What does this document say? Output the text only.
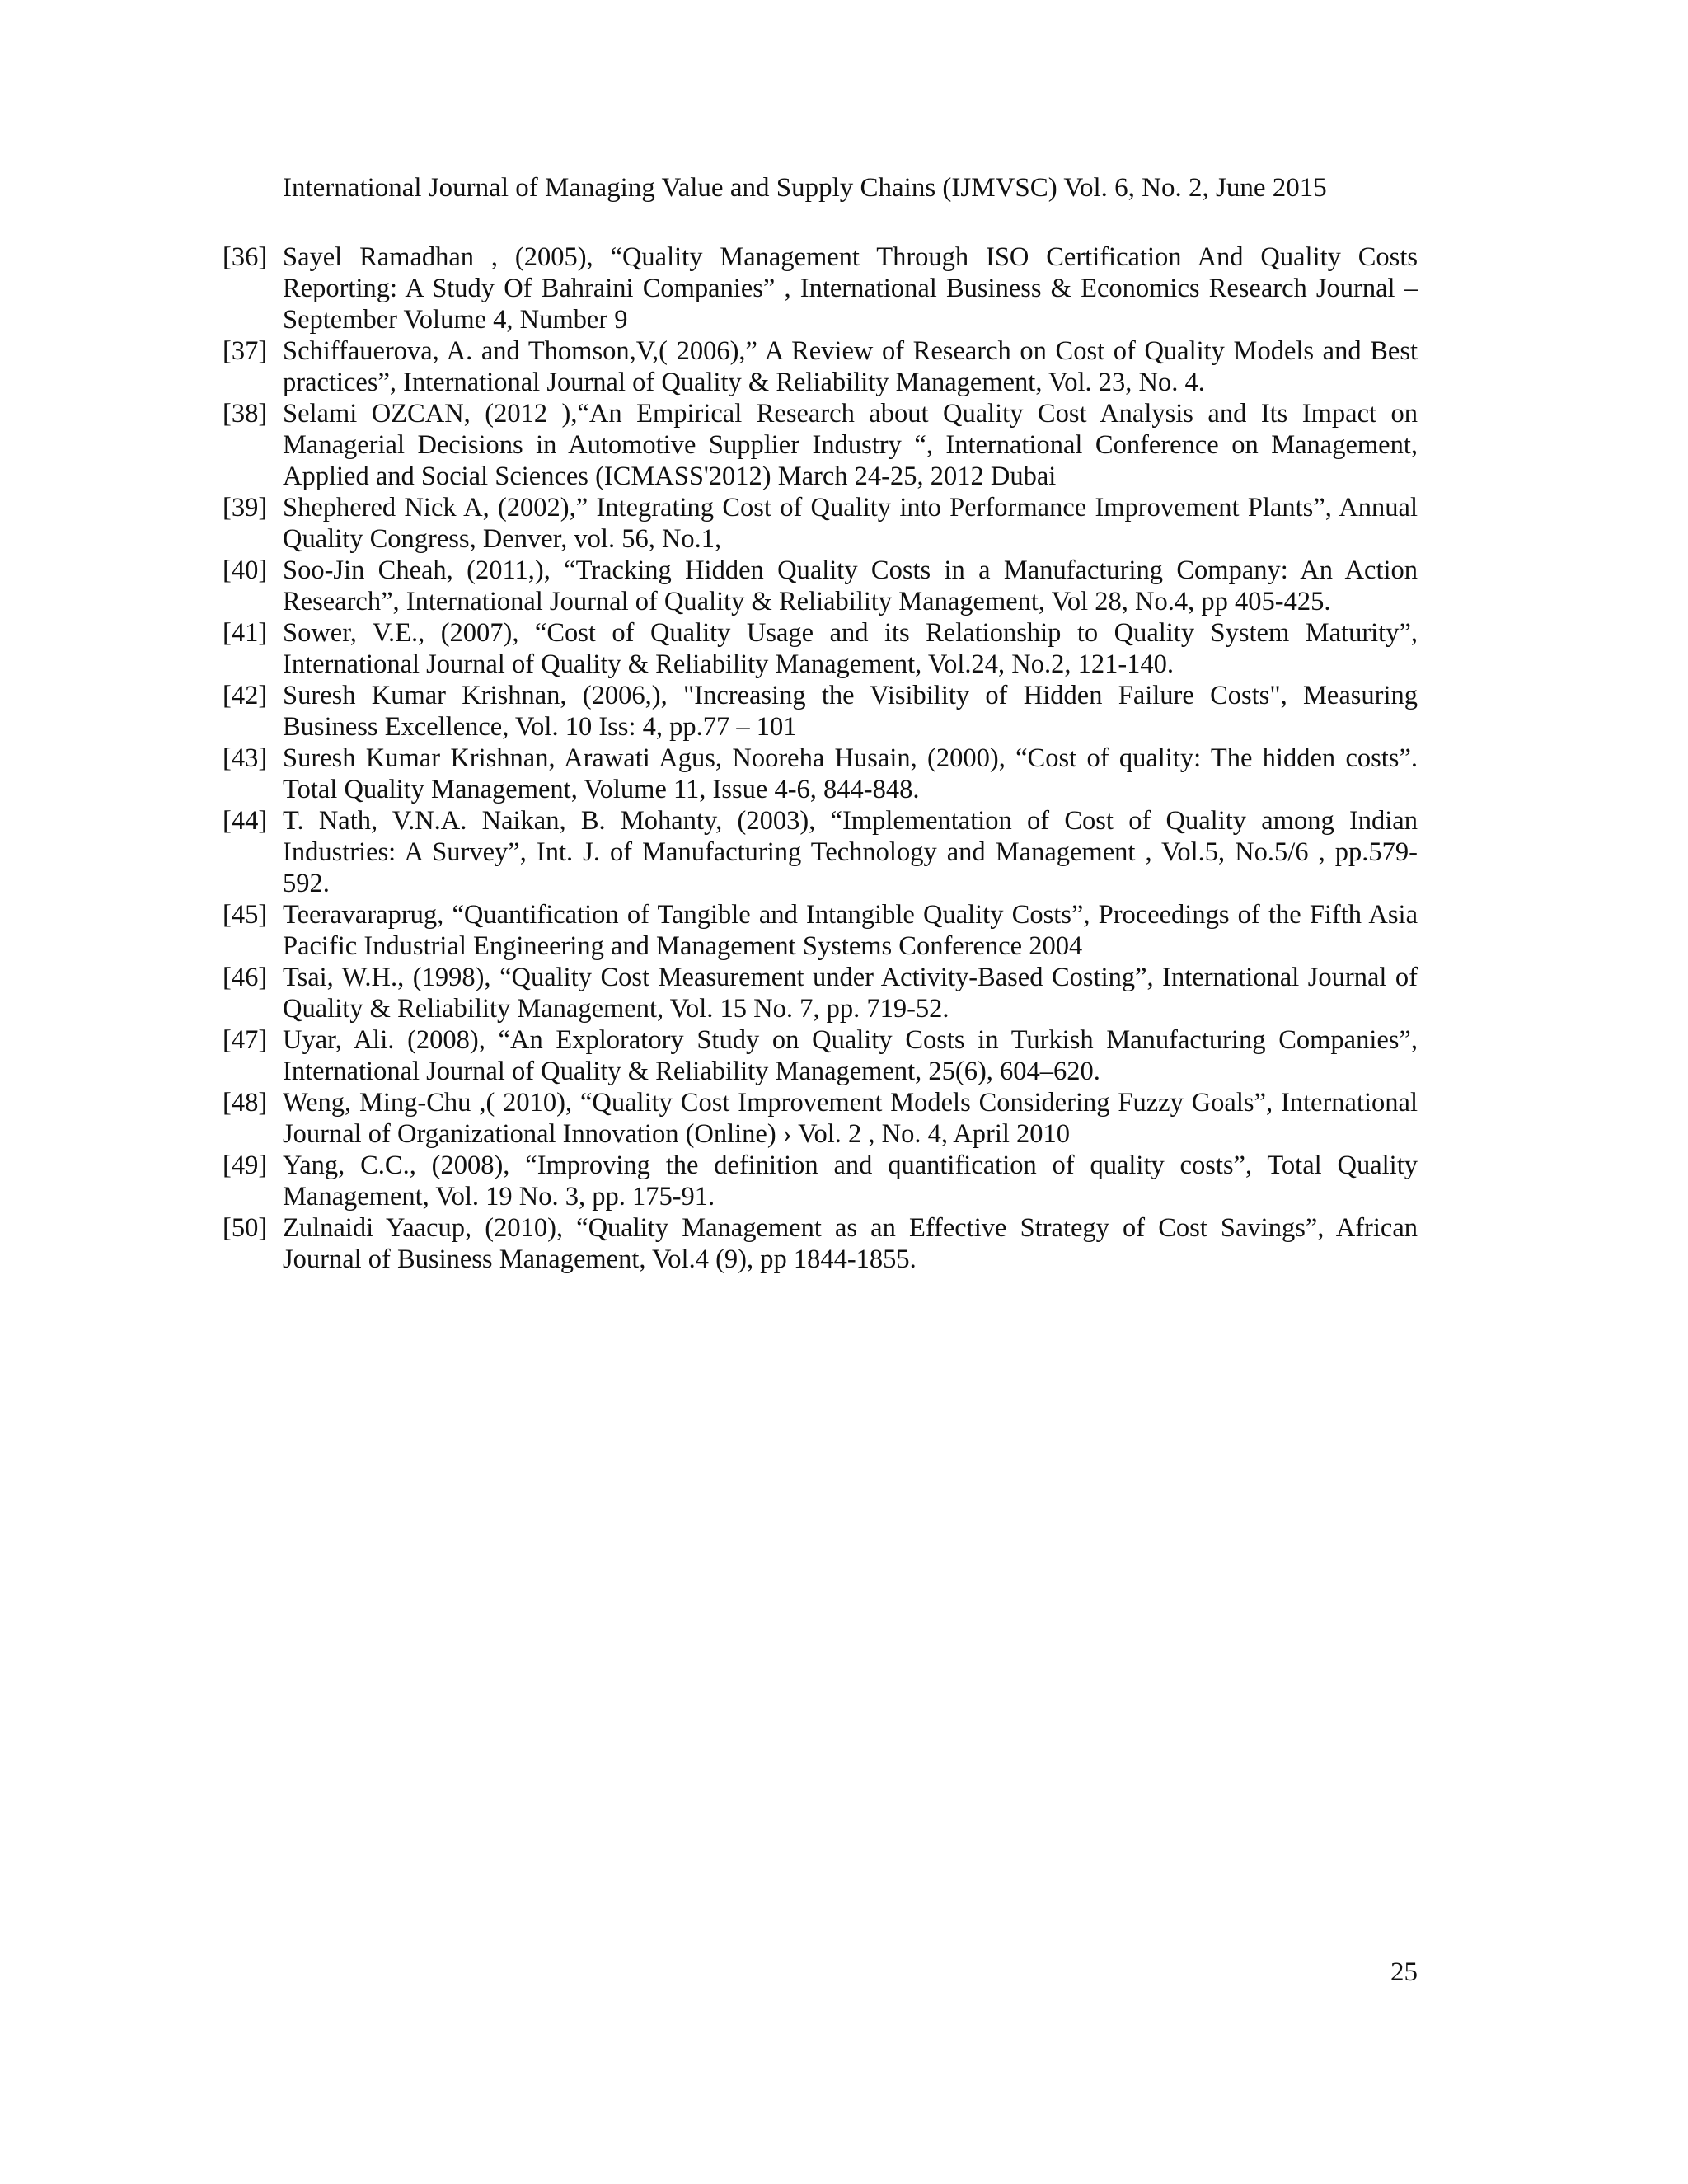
International Journal of Managing Value and Supply Chains (IJMVSC) Vol. 6, No. 2, June 2015
[36] Sayel Ramadhan , (2005), “Quality Management Through ISO Certification And Quality Costs Reporting: A Study Of Bahraini Companies” , International Business & Economics Research Journal – September Volume 4, Number 9
[37] Schiffauerova, A. and Thomson,V,( 2006),” A Review of Research on Cost of Quality Models and Best practices”, International Journal of Quality & Reliability Management, Vol. 23, No. 4.
[38] Selami OZCAN, (2012 ),“An Empirical Research about Quality Cost Analysis and Its Impact on Managerial Decisions in Automotive Supplier Industry “, International Conference on Management, Applied and Social Sciences (ICMASS'2012) March 24-25, 2012 Dubai
[39] Shephered Nick A, (2002),” Integrating Cost of Quality into Performance Improvement Plants”, Annual Quality Congress, Denver, vol. 56, No.1,
[40] Soo-Jin Cheah, (2011,), “Tracking Hidden Quality Costs in a Manufacturing Company: An Action Research”, International Journal of Quality & Reliability Management, Vol 28, No.4, pp 405-425.
[41] Sower, V.E., (2007), “Cost of Quality Usage and its Relationship to Quality System Maturity”, International Journal of Quality & Reliability Management, Vol.24, No.2, 121-140.
[42] Suresh Kumar Krishnan, (2006,), "Increasing the Visibility of Hidden Failure Costs", Measuring Business Excellence, Vol. 10 Iss: 4, pp.77 – 101
[43] Suresh Kumar Krishnan, Arawati Agus, Nooreha Husain, (2000), “Cost of quality: The hidden costs”. Total Quality Management, Volume 11, Issue 4-6, 844-848.
[44] T. Nath, V.N.A. Naikan, B. Mohanty, (2003), “Implementation of Cost of Quality among Indian Industries: A Survey”, Int. J. of Manufacturing Technology and Management , Vol.5, No.5/6 , pp.579-592.
[45] Teeravaraprug, “Quantification of Tangible and Intangible Quality Costs”, Proceedings of the Fifth Asia Pacific Industrial Engineering and Management Systems Conference 2004
[46] Tsai, W.H., (1998), “Quality Cost Measurement under Activity-Based Costing”, International Journal of Quality & Reliability Management, Vol. 15 No. 7, pp. 719-52.
[47] Uyar, Ali. (2008), “An Exploratory Study on Quality Costs in Turkish Manufacturing Companies”, International Journal of Quality & Reliability Management, 25(6), 604–620.
[48] Weng, Ming-Chu ,( 2010), “Quality Cost Improvement Models Considering Fuzzy Goals”, International Journal of Organizational Innovation (Online) › Vol. 2 , No. 4, April 2010
[49] Yang, C.C., (2008), “Improving the definition and quantification of quality costs”, Total Quality Management, Vol. 19 No. 3, pp. 175-91.
[50] Zulnaidi Yaacup, (2010), “Quality Management as an Effective Strategy of Cost Savings”, African Journal of Business Management, Vol.4 (9), pp 1844-1855.
25
